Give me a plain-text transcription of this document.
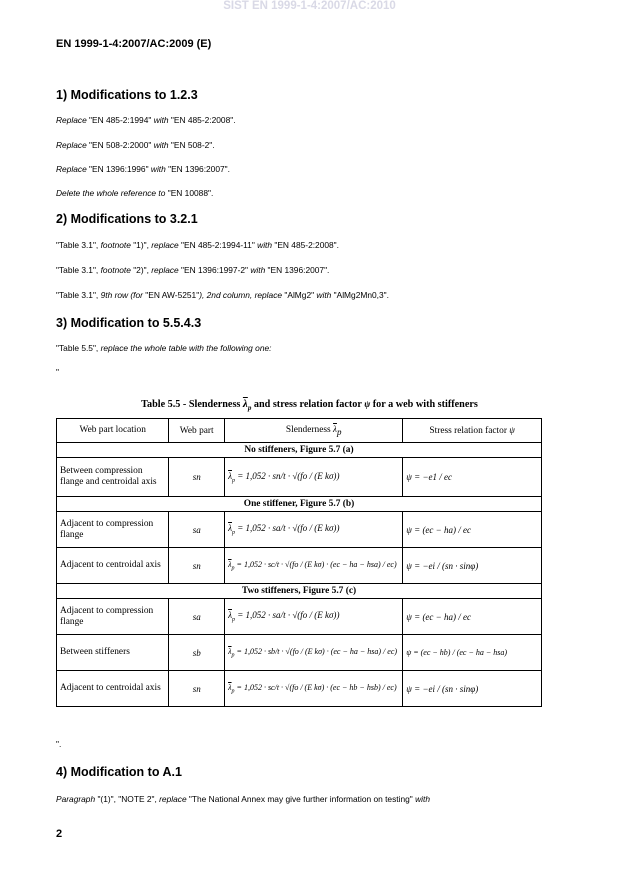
SIST EN 1999-1-4:2007/AC:2010
EN 1999-1-4:2007/AC:2009 (E)
1) Modifications to 1.2.3
Replace "EN 485-2:1994" with "EN 485-2:2008".
Replace "EN 508-2:2000" with "EN 508-2".
Replace "EN 1396:1996" with "EN 1396:2007".
Delete the whole reference to "EN 10088".
2) Modifications to 3.2.1
"Table 3.1", footnote "1)", replace "EN 485-2:1994-11" with "EN 485-2:2008".
"Table 3.1", footnote "2)", replace "EN 1396:1997-2" with "EN 1396:2007".
"Table 3.1", 9th row (for "EN AW-5251"), 2nd column, replace "AlMg2" with "AlMg2Mn0,3".
3) Modification to 5.5.4.3
"Table 5.5", replace the whole table with the following one:
"
Table 5.5 - Slenderness $\overline{\lambda}_p$ and stress relation factor ψ for a web with stiffeners
Web part location	Web part	Slenderness $\overline{\lambda}_p$	Stress relation factor ψ
No stiffeners, Figure 5.7 (a)			
Between compression flange and centroidal axis	sn	$\overline{\lambda}_p = 1,052 \cdot sn/t \cdot √(fo / (E$ kσ))	ψ = −e1 / ec
One stiffener, Figure 5.7 (b)			
Adjacent to compression flange	sa	$\overline{\lambda}_p = 1,052 \cdot sa/t \cdot √(fo / (E$ kσ))	ψ = (ec − ha) / ec
Adjacent to centroidal axis	sn	$\overline{\lambda}_p = 1,052 \cdot sc/t \cdot √(fo / (E$ kσ) · (ec − ha − hsa) / ec)	ψ = −ei / (sn · sinφ)
Two stiffeners, Figure 5.7 (c)			
Adjacent to compression flange	sa	$\overline{\lambda}_p = 1,052 \cdot sa/t \cdot √(fo / (E$ kσ))	ψ = (ec − ha) / ec
Between stiffeners	sb	$\overline{\lambda}_p = 1,052 \cdot sb/t \cdot √(fo / (E$ kσ) · (ec − ha − hsa) / ec)	ψ = (ec − hb) / (ec − ha − hsa)
Adjacent to centroidal axis	sn	$\overline{\lambda}_p = 1,052 \cdot sc/t \cdot √(fo / (E$ kσ) · (ec − hb − hsb) / ec)	ψ = −ei / (sn · sinφ)
".
4) Modification to A.1
Paragraph "(1)", "NOTE 2", replace "The National Annex may give further information on testing" with
2
